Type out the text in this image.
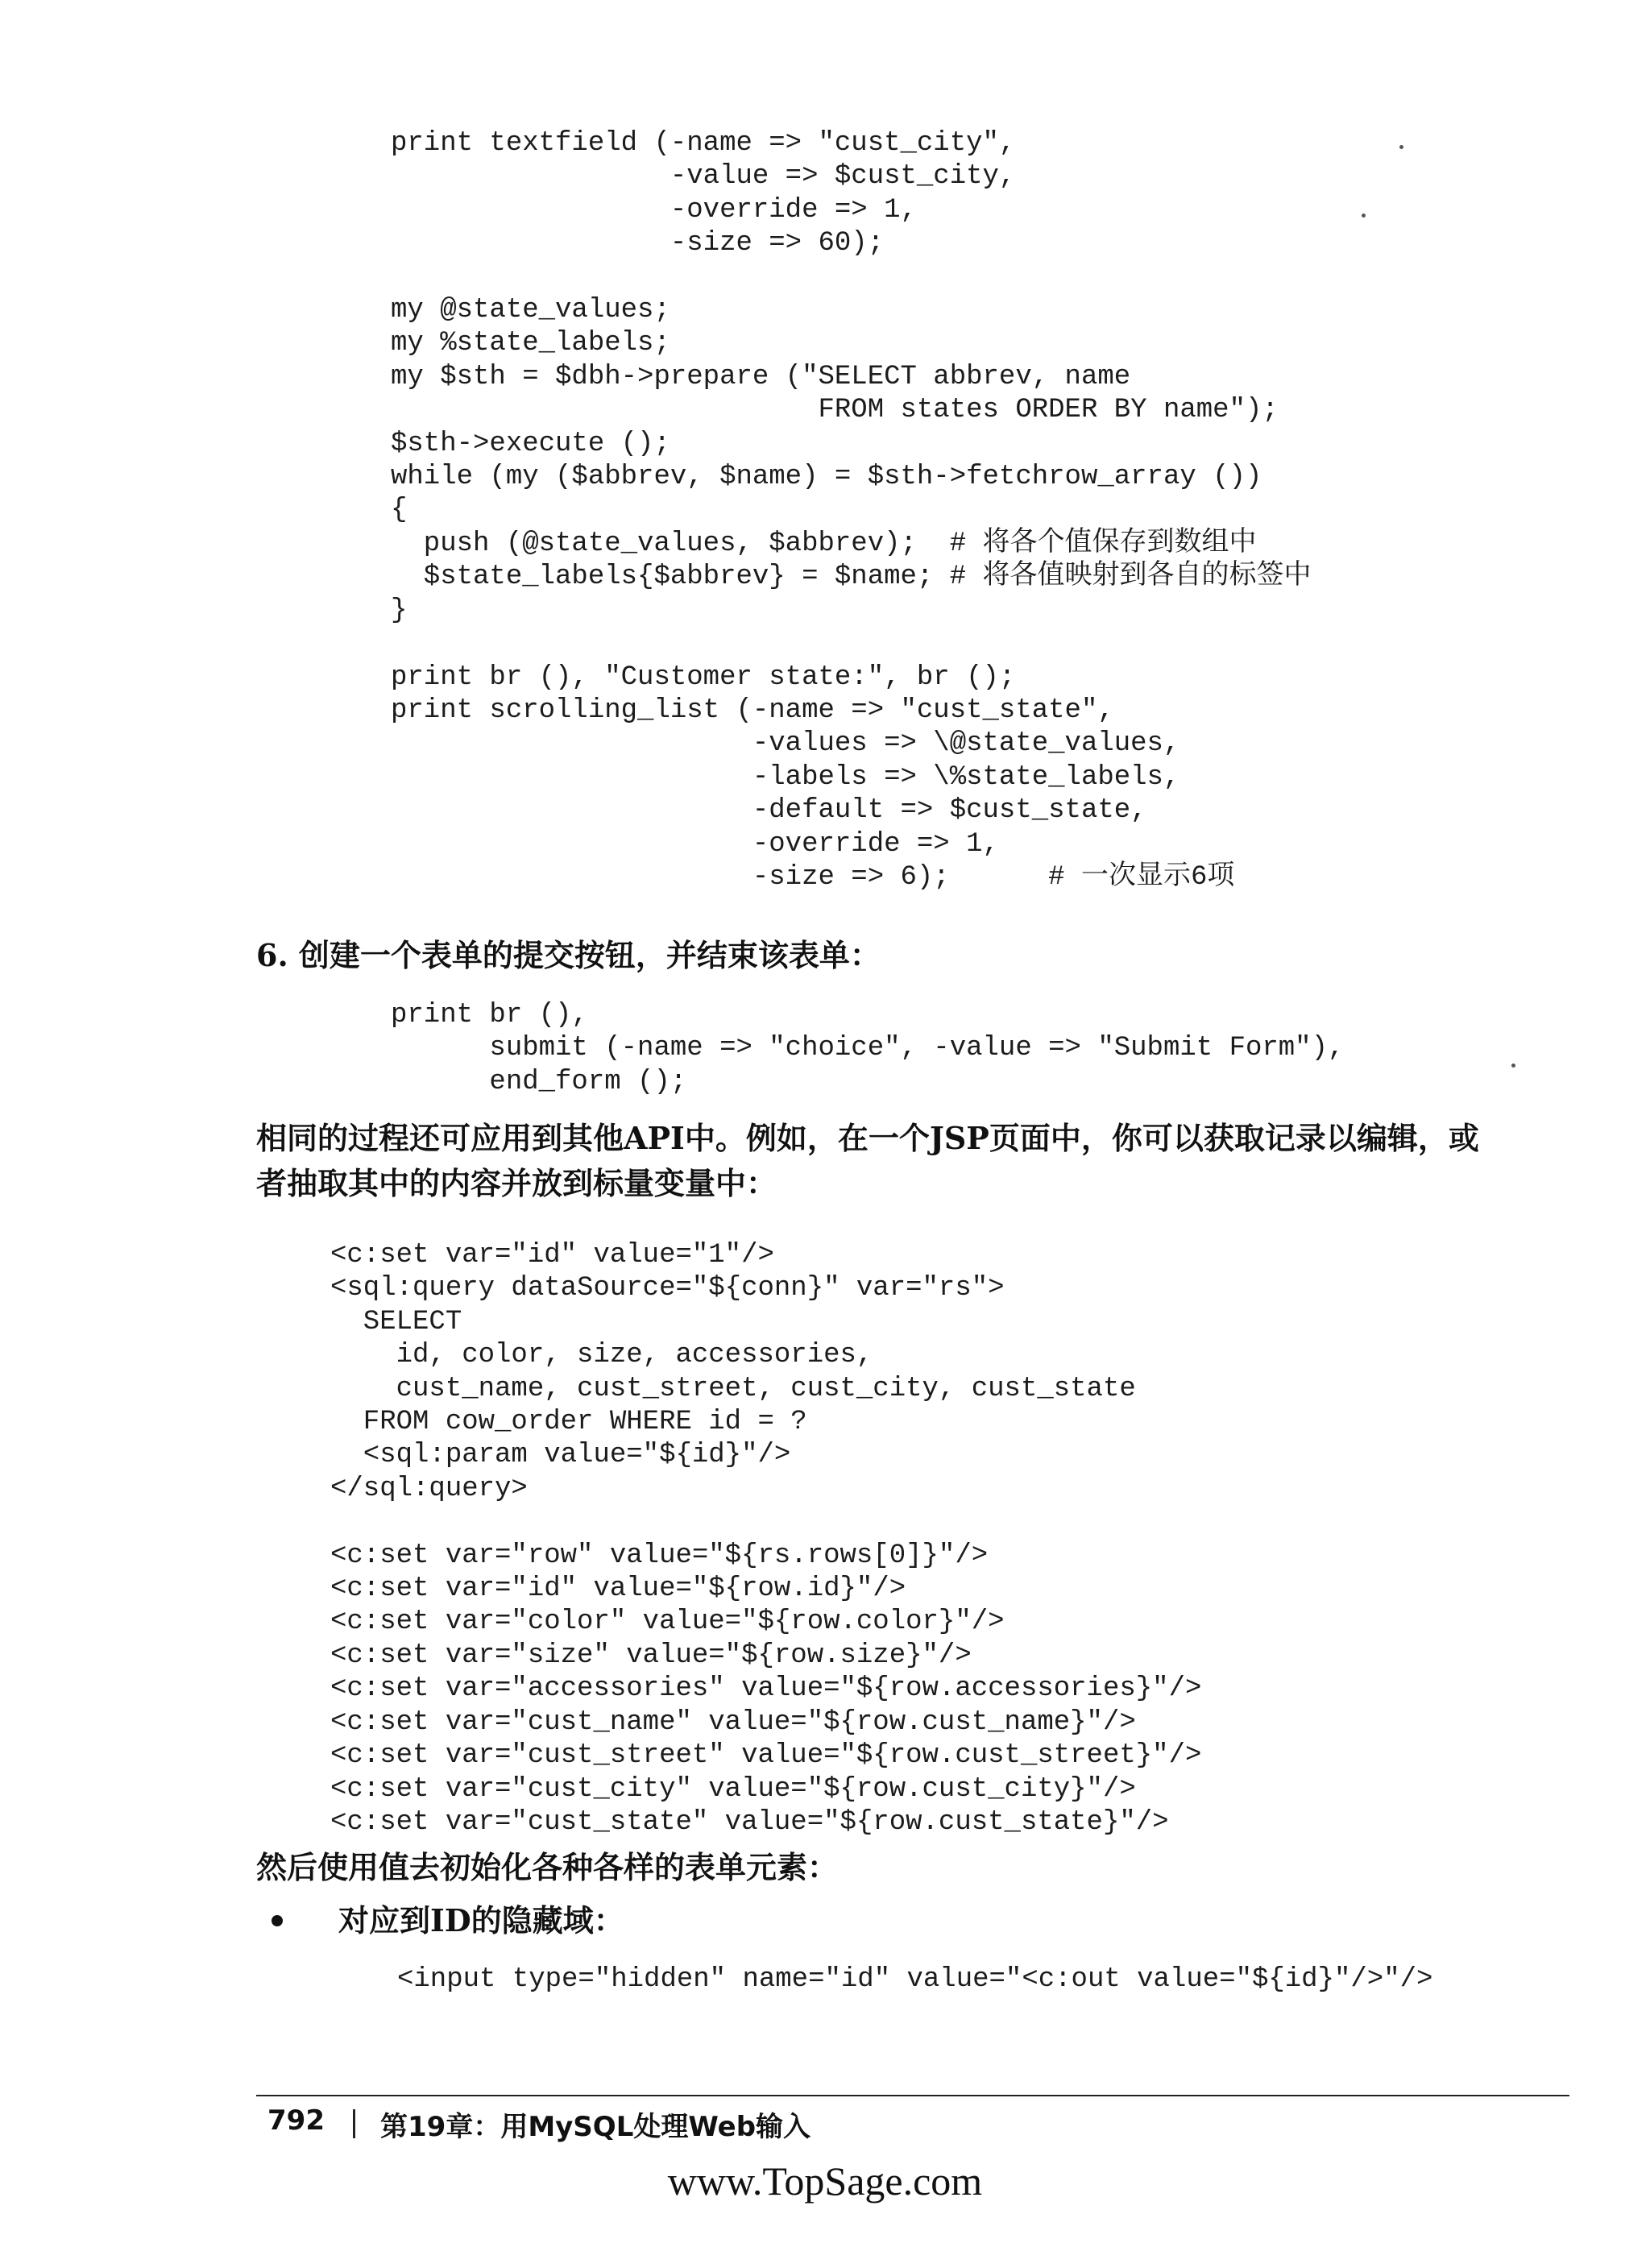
print textfield (-name => "cust_city",
-value => $cust_city,
-override => 1,
-size => 60);

my @state_values;
my %state_labels;
my $sth = $dbh->prepare ("SELECT abbrev, name
FROM states ORDER BY name");
$sth->execute ();
while (my ($abbrev, $name) = $sth->fetchrow_array ())
{
push (@state_values, $abbrev);  # 将各个值保存到数组中
$state_labels{$abbrev} = $name; # 将各值映射到各自的标签中
}

print br (), "Customer state:", br ();
print scrolling_list (-name => "cust_state",
-values => \@state_values,
-labels => \%state_labels,
-default => $cust_state,
-override => 1,
-size => 6);      # 一次显示6项
6. 创建一个表单的提交按钮，并结束该表单：
print br (),
submit (-name => "choice", -value => "Submit Form"),
end_form ();
相同的过程还可应用到其他API中。例如，在一个JSP页面中，你可以获取记录以编辑，或
者抽取其中的内容并放到标量变量中：
<c:set var="id" value="1"/>
<sql:query dataSource="${conn}" var="rs">
SELECT
id, color, size, accessories,
cust_name, cust_street, cust_city, cust_state
FROM cow_order WHERE id = ?
<sql:param value="${id}"/>
</sql:query>

<c:set var="row" value="${rs.rows[0]}"/>
<c:set var="id" value="${row.id}"/>
<c:set var="color" value="${row.color}"/>
<c:set var="size" value="${row.size}"/>
<c:set var="accessories" value="${row.accessories}"/>
<c:set var="cust_name" value="${row.cust_name}"/>
<c:set var="cust_street" value="${row.cust_street}"/>
<c:set var="cust_city" value="${row.cust_city}"/>
<c:set var="cust_state" value="${row.cust_state}"/>
然后使用值去初始化各种各样的表单元素：
对应到ID的隐藏域：
<input type="hidden" name="id" value="<c:out value="${id}"/>"/>
792 第19章：用MySQL处理Web输入
www.TopSage.com
